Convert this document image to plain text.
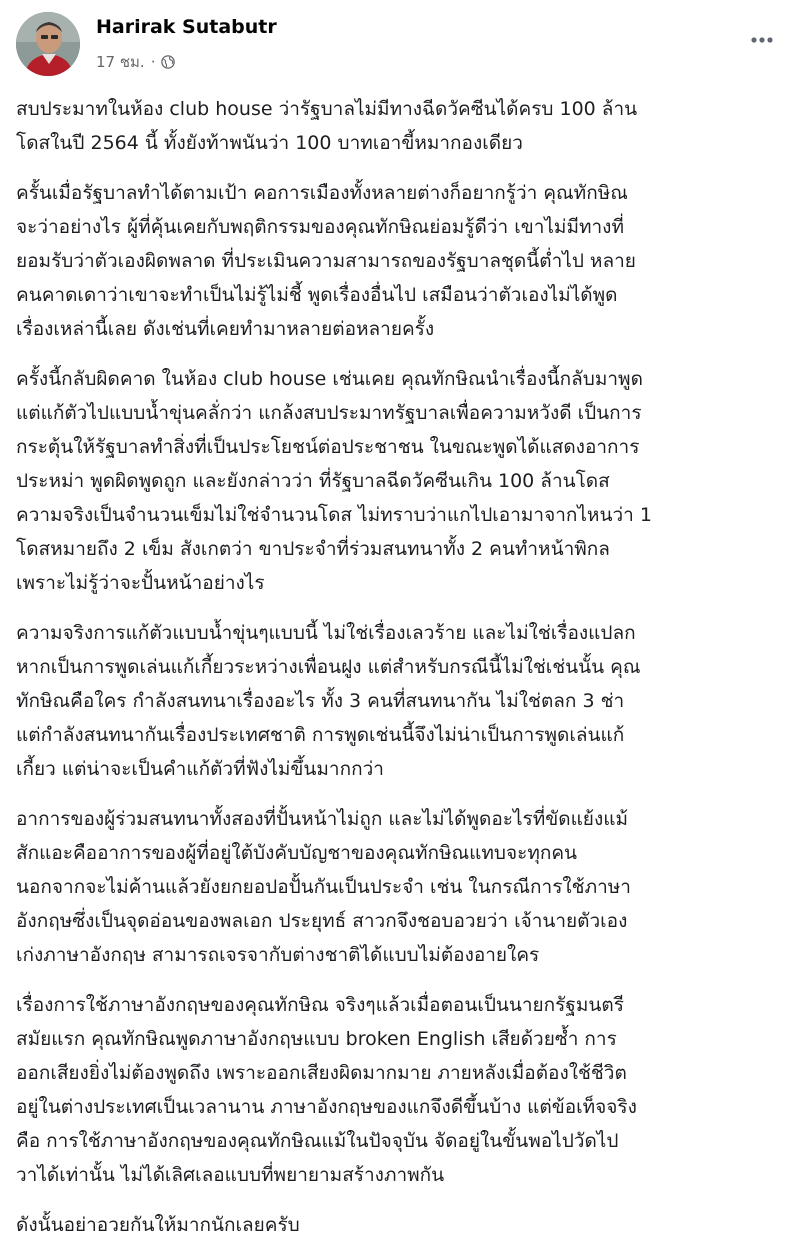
Harirak Sutabutr
17 ชม. ·

สบประมาทในห้อง club house ว่ารัฐบาลไม่มีทางฉีดวัคซีนได้ครบ 100 ล้าน
โดสในปี 2564 นี้ ทั้งยังท้าพนันว่า 100 บาทเอาขี้หมากองเดียว

ครั้นเมื่อรัฐบาลทำได้ตามเป้า คอการเมืองทั้งหลายต่างก็อยากรู้ว่า คุณทักษิณ
จะว่าอย่างไร ผู้ที่คุ้นเคยกับพฤติกรรมของคุณทักษิณย่อมรู้ดีว่า เขาไม่มีทางที่
ยอมรับว่าตัวเองผิดพลาด ที่ประเมินความสามารถของรัฐบาลชุดนี้ต่ำไป หลาย
คนคาดเดาว่าเขาจะทำเป็นไม่รู้ไม่ชี้ พูดเรื่องอื่นไป เสมือนว่าตัวเองไม่ได้พูด
เรื่องเหล่านี้เลย ดังเช่นที่เคยทำมาหลายต่อหลายครั้ง

ครั้งนี้กลับผิดคาด ในห้อง club house เช่นเคย คุณทักษิณนำเรื่องนี้กลับมาพูด
แต่แก้ตัวไปแบบน้ำขุ่นคลั่กว่า แกล้งสบประมาทรัฐบาลเพื่อความหวังดี เป็นการ
กระตุ้นให้รัฐบาลทำสิ่งที่เป็นประโยชน์ต่อประชาชน ในขณะพูดได้แสดงอาการ
ประหม่า พูดผิดพูดถูก และยังกล่าวว่า ที่รัฐบาลฉีดวัคซีนเกิน 100 ล้านโดส
ความจริงเป็นจำนวนเข็มไม่ใช่จำนวนโดส ไม่ทราบว่าแกไปเอามาจากไหนว่า 1
โดสหมายถึง 2 เข็ม สังเกตว่า ขาประจำที่ร่วมสนทนาทั้ง 2 คนทำหน้าพิกล
เพราะไม่รู้ว่าจะปั้นหน้าอย่างไร

ความจริงการแก้ตัวแบบน้ำขุ่นๆแบบนี้ ไม่ใช่เรื่องเลวร้าย และไม่ใช่เรื่องแปลก
หากเป็นการพูดเล่นแก้เกี้ยวระหว่างเพื่อนฝูง แต่สำหรับกรณีนี้ไม่ใช่เช่นนั้น คุณ
ทักษิณคือใคร กำลังสนทนาเรื่องอะไร ทั้ง 3 คนที่สนทนากัน ไม่ใช่ตลก 3 ช่า
แต่กำลังสนทนากันเรื่องประเทศชาติ การพูดเช่นนี้จึงไม่น่าเป็นการพูดเล่นแก้
เกี้ยว แต่น่าจะเป็นคำแก้ตัวที่ฟังไม่ขึ้นมากกว่า

อาการของผู้ร่วมสนทนาทั้งสองที่ปั้นหน้าไม่ถูก และไม่ได้พูดอะไรที่ขัดแย้งแม้
สักแอะคืออาการของผู้ที่อยู่ใต้บังคับบัญชาของคุณทักษิณแทบจะทุกคน
นอกจากจะไม่ค้านแล้วยังยกยอปอปั้นกันเป็นประจำ เช่น ในกรณีการใช้ภาษา
อังกฤษซึ่งเป็นจุดอ่อนของพลเอก ประยุทธ์ สาวกจึงชอบอวยว่า เจ้านายตัวเอง
เก่งภาษาอังกฤษ สามารถเจรจากับต่างชาติได้แบบไม่ต้องอายใคร

เรื่องการใช้ภาษาอังกฤษของคุณทักษิณ จริงๆแล้วเมื่อตอนเป็นนายกรัฐมนตรี
สมัยแรก คุณทักษิณพูดภาษาอังกฤษแบบ broken English เสียด้วยซ้ำ การ
ออกเสียงยิ่งไม่ต้องพูดถึง เพราะออกเสียงผิดมากมาย ภายหลังเมื่อต้องใช้ชีวิต
อยู่ในต่างประเทศเป็นเวลานาน ภาษาอังกฤษของแกจึงดีขึ้นบ้าง แต่ข้อเท็จจริง
คือ การใช้ภาษาอังกฤษของคุณทักษิณแม้ในปัจจุบัน จัดอยู่ในขั้นพอไปวัดไป
วาได้เท่านั้น ไม่ได้เลิศเลอแบบที่พยายามสร้างภาพกัน

ดังนั้นอย่าอวยกันให้มากนักเลยครับ
